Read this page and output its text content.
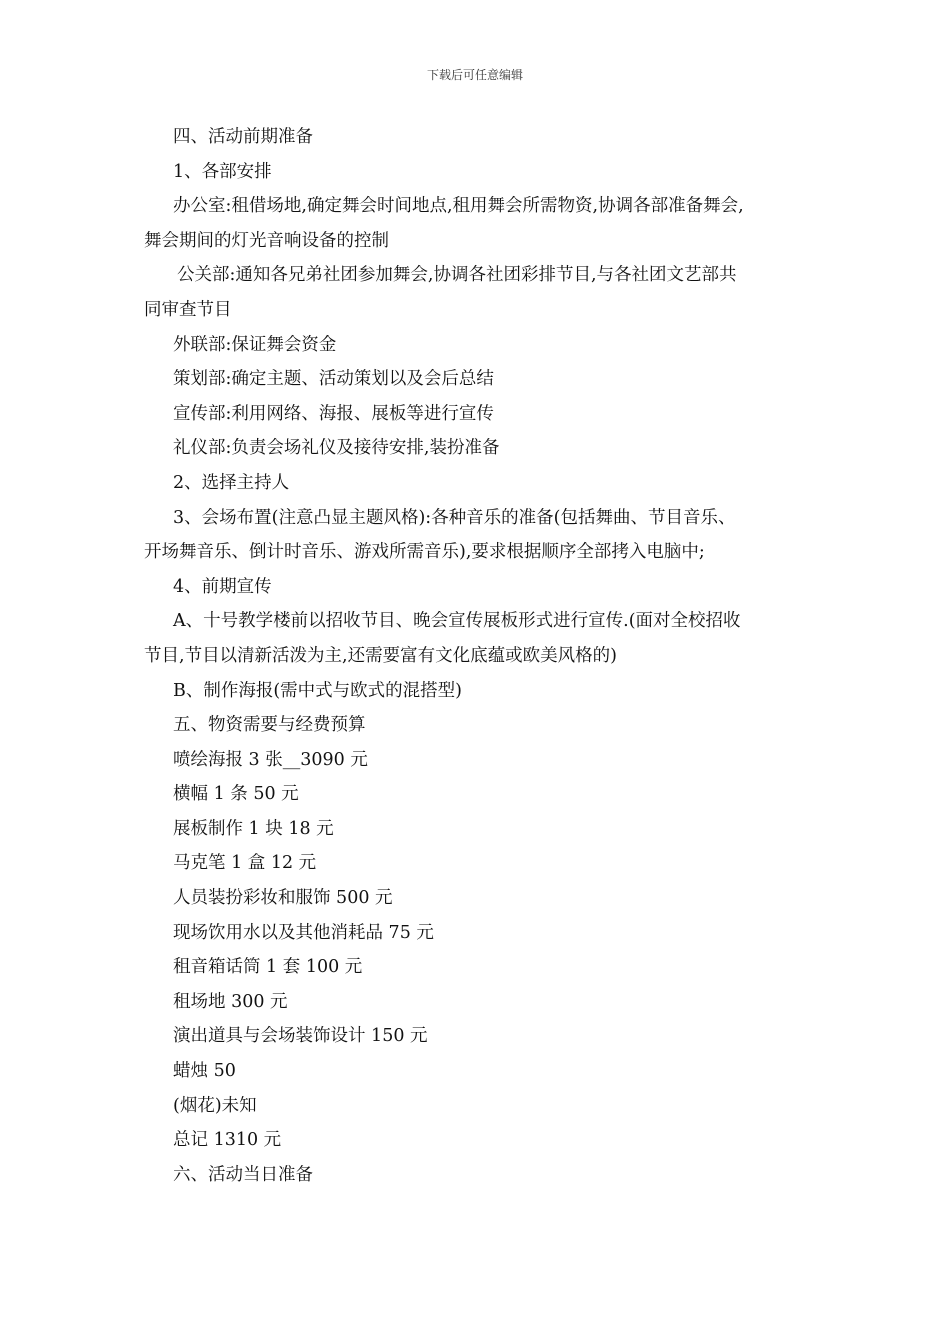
下载后可任意编辑

四、活动前期准备

1、各部安排

办公室:租借场地,确定舞会时间地点,租用舞会所需物资,协调各部准备舞会,

舞会期间的灯光音响设备的控制

公关部:通知各兄弟社团参加舞会,协调各社团彩排节目,与各社团文艺部共

同审查节目

外联部:保证舞会资金

策划部:确定主题、活动策划以及会后总结

宣传部:利用网络、海报、展板等进行宣传

礼仪部:负责会场礼仪及接待安排,装扮准备

2、选择主持人

3、会场布置(注意凸显主题风格):各种音乐的准备(包括舞曲、节目音乐、

开场舞音乐、倒计时音乐、游戏所需音乐),要求根据顺序全部拷入电脑中;

4、前期宣传

A、十号教学楼前以招收节目、晚会宣传展板形式进行宣传.(面对全校招收

节目,节目以清新活泼为主,还需要富有文化底蕴或欧美风格的)

B、制作海报(需中式与欧式的混搭型)

五、物资需要与经费预算

喷绘海报 3 张__3090 元

横幅 1 条 50 元

展板制作 1 块 18 元

马克笔 1 盒 12 元

人员装扮彩妆和服饰 500 元

现场饮用水以及其他消耗品 75 元

租音箱话筒 1 套 100 元

租场地 300 元

演出道具与会场装饰设计 150 元

蜡烛 50

(烟花)未知

总记 1310 元

六、活动当日准备
